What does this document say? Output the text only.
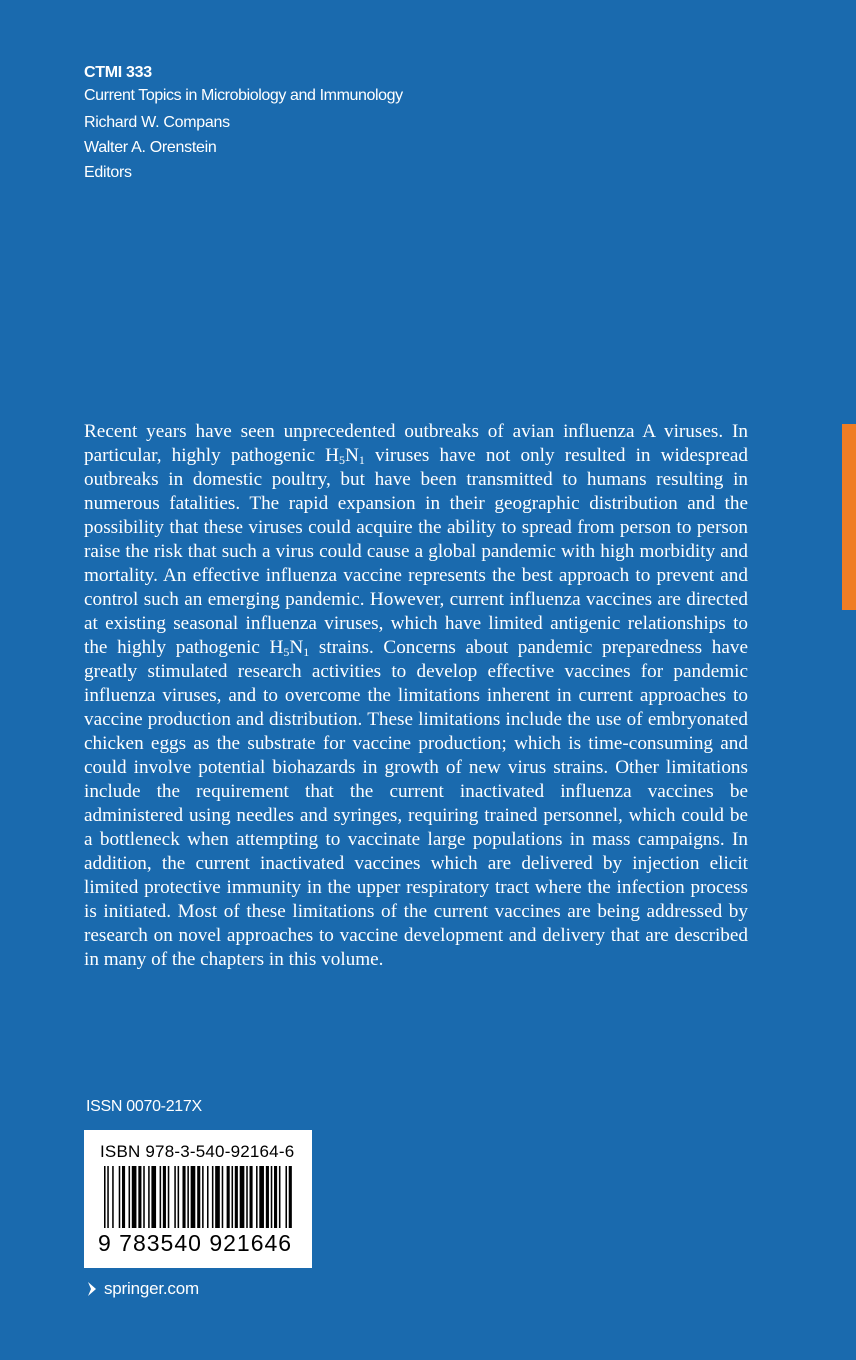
CTMI 333

Current Topics in Microbiology and Immunology

Richard W. Compans
Walter A. Orenstein
Editors

Recent years have seen unprecedented outbreaks of avian influenza A viruses. In particular, highly pathogenic $H_5N_1$ viruses have not only resulted in widespread outbreaks in domestic poultry, but have been transmitted to humans resulting in numerous fatalities. The rapid expansion in their geographic distribution and the possibility that these viruses could acquire the ability to spread from person to person raise the risk that such a virus could cause a global pandemic with high morbidity and mortality. An effective influenza vaccine represents the best approach to prevent and control such an emerging pandemic. However, current influenza vaccines are directed at existing seasonal influenza viruses, which have limited antigenic relationships to the highly pathogenic $H_5N_1$ strains. Concerns about pandemic preparedness have greatly stimulated research activities to develop effective vaccines for pandemic influenza viruses, and to overcome the limitations inherent in current approaches to vaccine production and distribution. These limitations include the use of embryonated chicken eggs as the substrate for vaccine production; which is time-consuming and could involve potential biohazards in growth of new virus strains. Other limitations include the requirement that the current inactivated influenza vaccines be administered using needles and syringes, requiring trained personnel, which could be a bottleneck when attempting to vaccinate large populations in mass campaigns. In addition, the current inactivated vaccines which are delivered by injection elicit limited protective immunity in the upper respiratory tract where the infection process is initiated. Most of these limitations of the current vaccines are being addressed by research on novel approaches to vaccine development and delivery that are described in many of the chapters in this volume.

ISSN 0070-217X

ISBN 978-3-540-92164-6

9 783540 921646

springer.com
